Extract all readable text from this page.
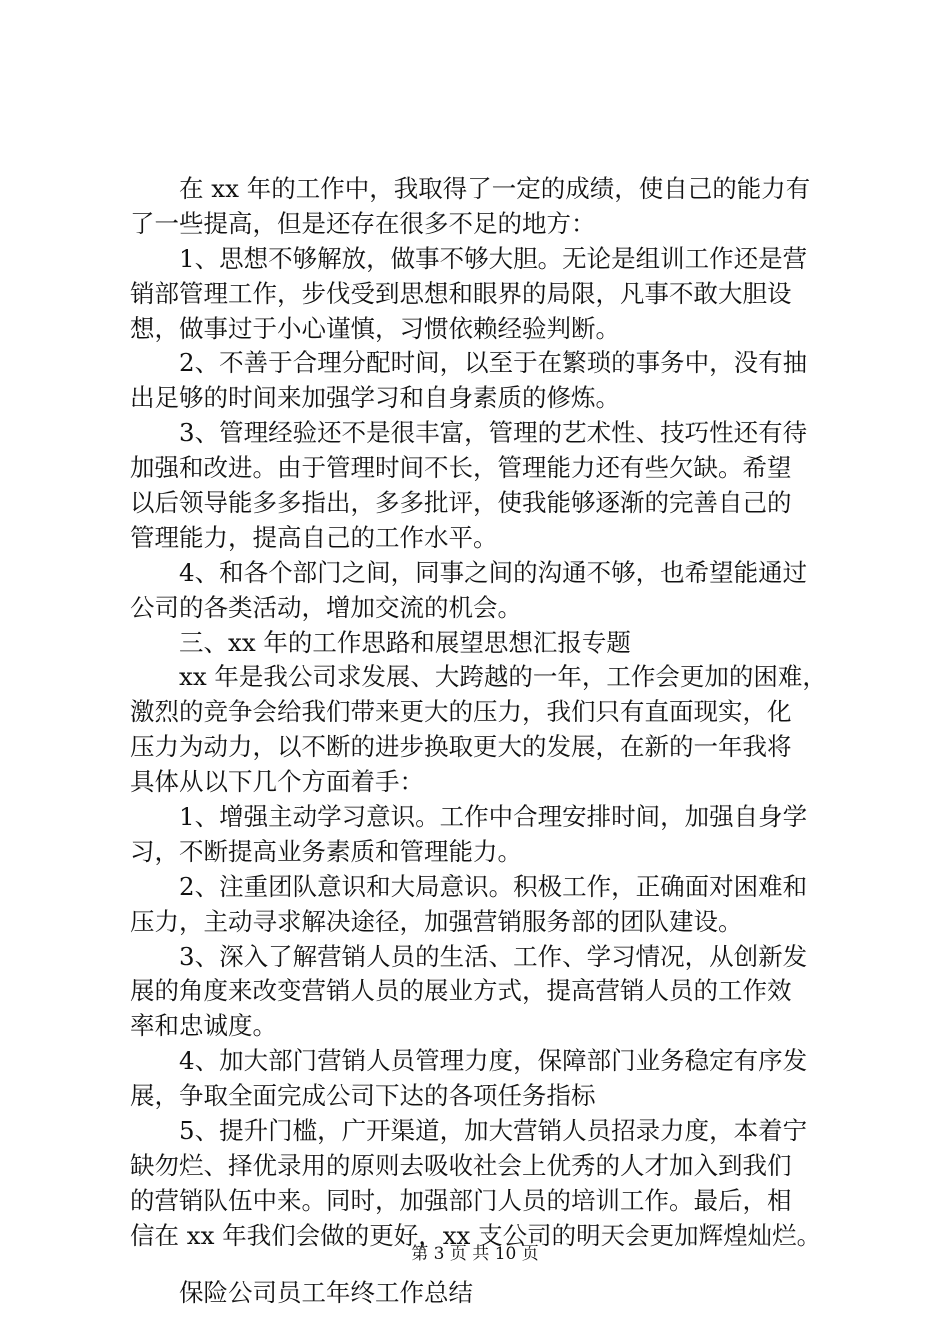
　　在 xx 年的工作中，我取得了一定的成绩，使自己的能力有
了一些提高，但是还存在很多不足的地方：
　　1、思想不够解放，做事不够大胆。无论是组训工作还是营
销部管理工作，步伐受到思想和眼界的局限，凡事不敢大胆设
想，做事过于小心谨慎，习惯依赖经验判断。
　　2、不善于合理分配时间，以至于在繁琐的事务中，没有抽
出足够的时间来加强学习和自身素质的修炼。
　　3、管理经验还不是很丰富，管理的艺术性、技巧性还有待
加强和改进。由于管理时间不长，管理能力还有些欠缺。希望
以后领导能多多指出，多多批评，使我能够逐渐的完善自己的
管理能力，提高自己的工作水平。
　　4、和各个部门之间，同事之间的沟通不够，也希望能通过
公司的各类活动，增加交流的机会。
　　三、xx 年的工作思路和展望思想汇报专题
　　xx 年是我公司求发展、大跨越的一年，工作会更加的困难，
激烈的竞争会给我们带来更大的压力，我们只有直面现实，化
压力为动力，以不断的进步换取更大的发展，在新的一年我将
具体从以下几个方面着手：
　　1、增强主动学习意识。工作中合理安排时间，加强自身学
习，不断提高业务素质和管理能力。
　　2、注重团队意识和大局意识。积极工作，正确面对困难和
压力，主动寻求解决途径，加强营销服务部的团队建设。
　　3、深入了解营销人员的生活、工作、学习情况，从创新发
展的角度来改变营销人员的展业方式，提高营销人员的工作效
率和忠诚度。
　　4、加大部门营销人员管理力度，保障部门业务稳定有序发
展，争取全面完成公司下达的各项任务指标
　　5、提升门槛，广开渠道，加大营销人员招录力度，本着宁
缺勿烂、择优录用的原则去吸收社会上优秀的人才加入到我们
的营销队伍中来。同时，加强部门人员的培训工作。最后，相
信在 xx 年我们会做的更好，xx 支公司的明天会更加辉煌灿烂。
　　保险公司员工年终工作总结
第 3 页 共 10 页
